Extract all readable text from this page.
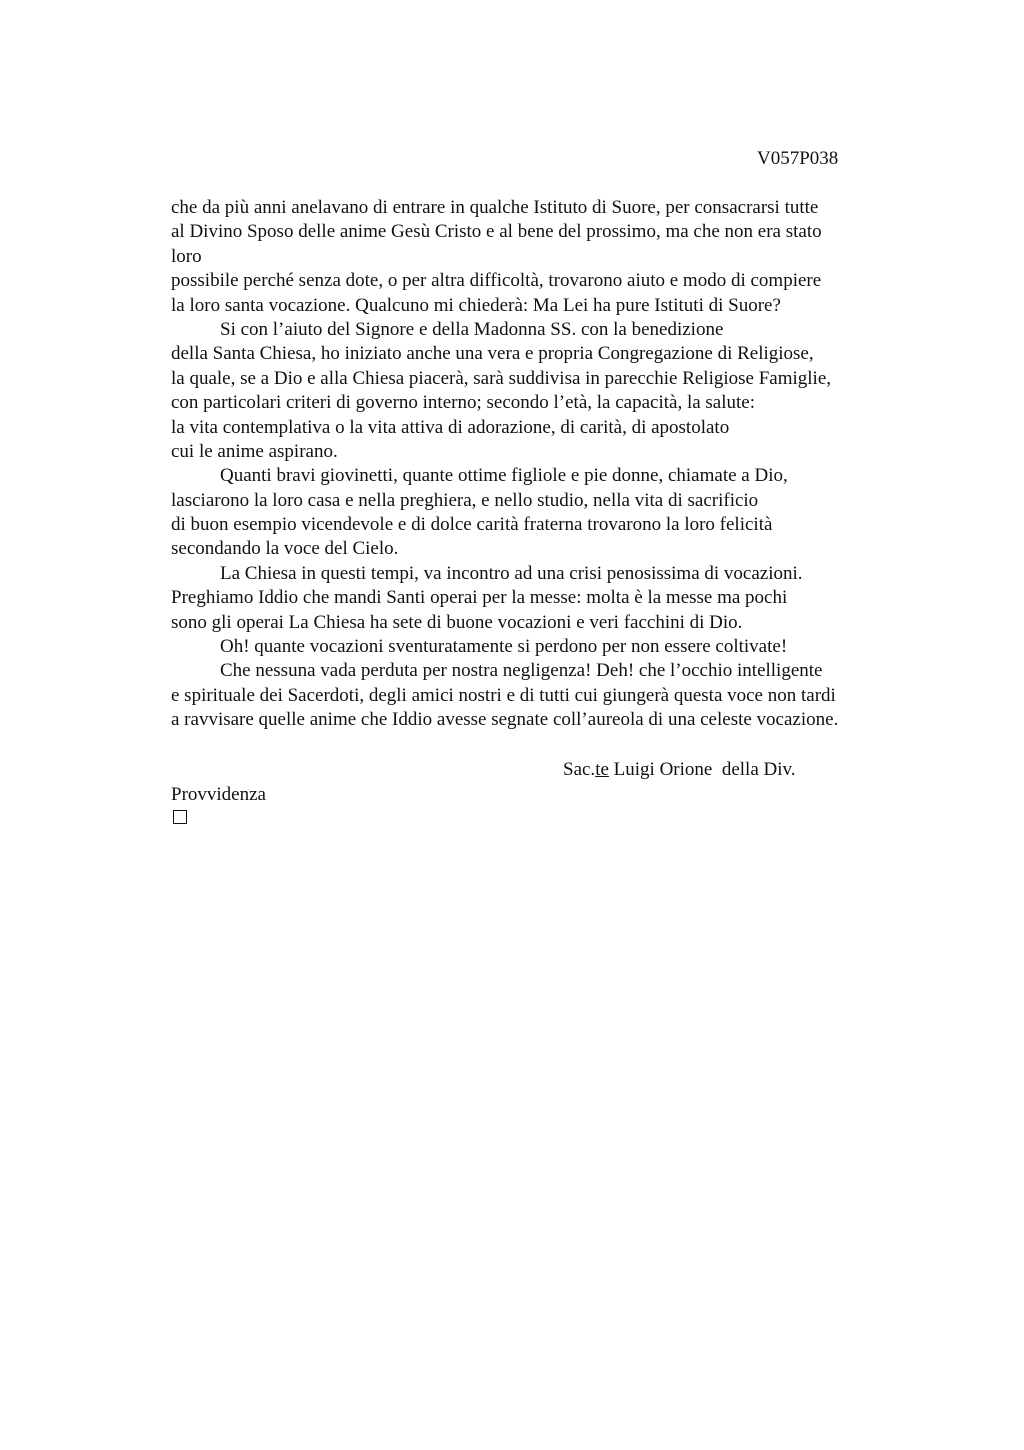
V057P038
che da più anni anelavano di entrare in qualche Istituto di Suore, per consacrarsi tutte
al Divino Sposo delle anime Gesù Cristo e al bene del prossimo, ma che non era stato
loro
possibile perché senza dote, o per altra difficoltà, trovarono aiuto e modo di compiere
la loro santa vocazione. Qualcuno mi chiederà: Ma Lei ha pure Istituti di Suore?
Si con l’aiuto del Signore e della Madonna SS. con la benedizione
della Santa Chiesa, ho iniziato anche una vera e propria Congregazione di Religiose,
la quale, se a Dio e alla Chiesa piacerà, sarà suddivisa in parecchie Religiose Famiglie,
con particolari criteri di governo interno; secondo l’età, la capacità, la salute:
la vita contemplativa o la vita attiva di adorazione, di carità, di apostolato
cui le anime aspirano.
Quanti bravi giovinetti, quante ottime figliole e pie donne, chiamate a Dio,
lasciarono la loro casa e nella preghiera, e nello studio, nella vita di sacrificio
di buon esempio vicendevole e di dolce carità fraterna trovarono la loro felicità
secondando la voce del Cielo.
La Chiesa in questi tempi, va incontro ad una crisi penosissima di vocazioni.
Preghiamo Iddio che mandi Santi operai per la messe: molta è la messe ma pochi
sono gli operai La Chiesa ha sete di buone vocazioni e veri facchini di Dio.
Oh! quante vocazioni sventuratamente si perdono per non essere coltivate!
Che nessuna vada perduta per nostra negligenza! Deh! che l’occhio intelligente
e spirituale dei Sacerdoti, degli amici nostri e di tutti cui giungerà questa voce non tardi
a ravvisare quelle anime che Iddio avesse segnate coll’aureola di una celeste vocazione.
Sac.te Luigi Orione  della Div.
Provvidenza
